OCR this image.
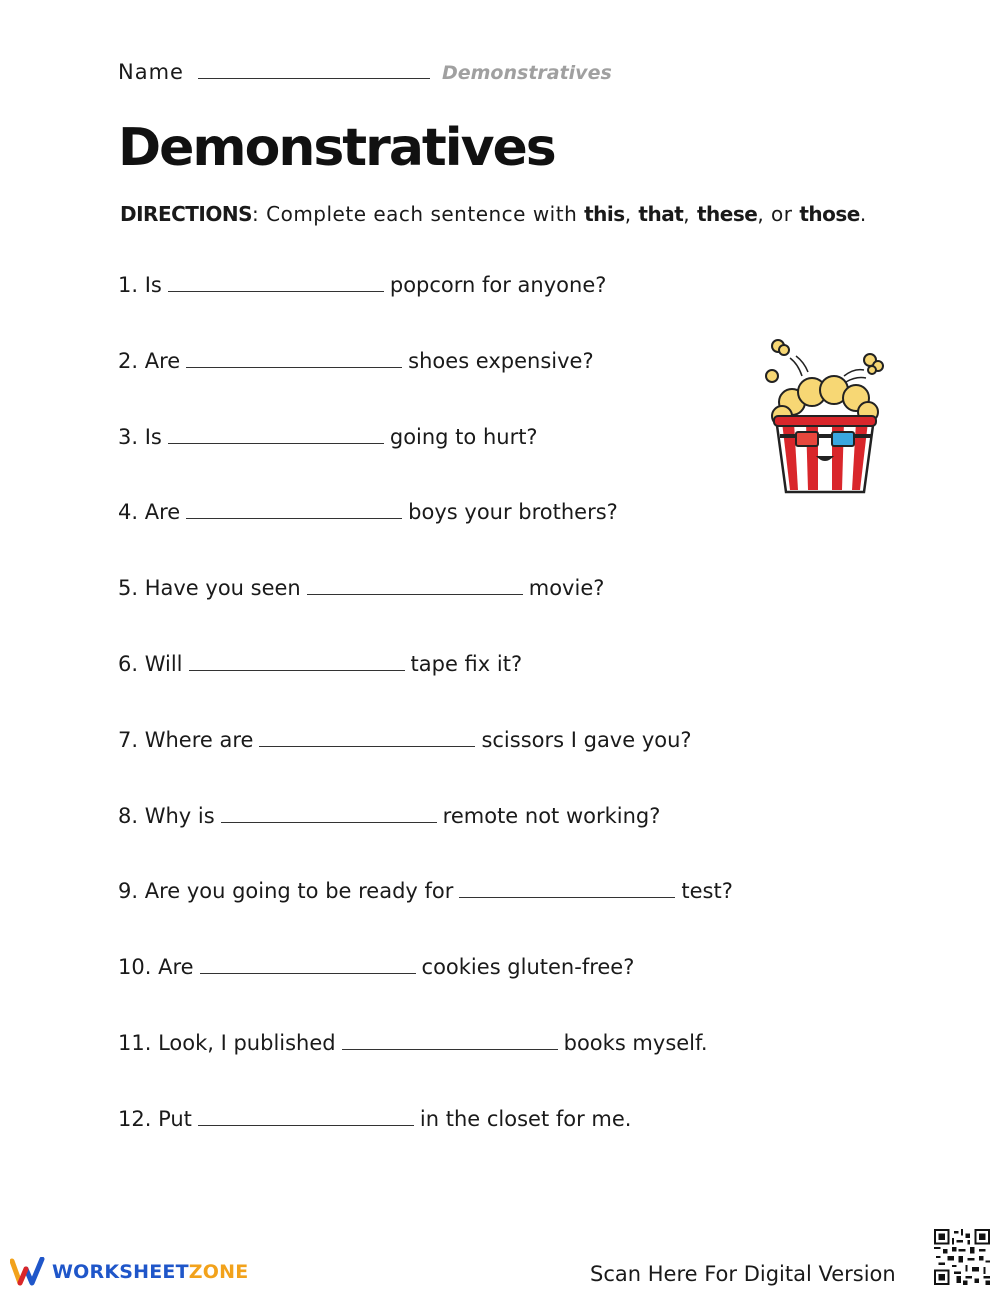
Name	Demonstratives
Demonstratives
DIRECTIONS: Complete each sentence with this, that, these, or those.
1. Is	popcorn for anyone?
2. Are	shoes expensive?
3. Is	going to hurt?
4. Are	boys your brothers?
5. Have you seen	movie?
6. Will	tape fix it?
7. Where are	scissors I gave you?
8. Why is	remote not working?
9. Are you going to be ready for	test?
10. Are	cookies gluten-free?
11. Look, I published	books myself.
12. Put	in the closet for me.
WORKSHEETZONE	Scan Here For Digital Version
